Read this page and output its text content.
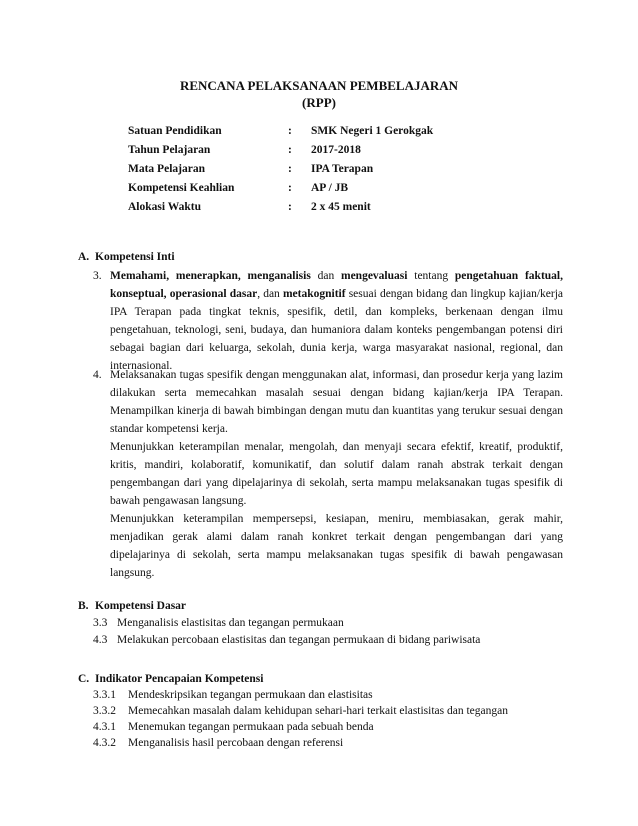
RENCANA PELAKSANAAN PEMBELAJARAN
(RPP)
Satuan Pendidikan	: SMK Negeri 1 Gerokgak
Tahun Pelajaran	: 2017-2018
Mata Pelajaran	: IPA Terapan
Kompetensi Keahlian	: AP / JB
Alokasi Waktu	: 2 x 45 menit
A. Kompetensi Inti
3. Memahami, menerapkan, menganalisis dan mengevaluasi tentang pengetahuan faktual, konseptual, operasional dasar, dan metakognitif sesuai dengan bidang dan lingkup kajian/kerja IPA Terapan pada tingkat teknis, spesifik, detil, dan kompleks, berkenaan dengan ilmu pengetahuan, teknologi, seni, budaya, dan humaniora dalam konteks pengembangan potensi diri sebagai bagian dari keluarga, sekolah, dunia kerja, warga masyarakat nasional, regional, dan internasional.
4. Melaksanakan tugas spesifik dengan menggunakan alat, informasi, dan prosedur kerja yang lazim dilakukan serta memecahkan masalah sesuai dengan bidang kajian/kerja IPA Terapan. Menampilkan kinerja di bawah bimbingan dengan mutu dan kuantitas yang terukur sesuai dengan standar kompetensi kerja.

Menunjukkan keterampilan menalar, mengolah, dan menyaji secara efektif, kreatif, produktif, kritis, mandiri, kolaboratif, komunikatif, dan solutif dalam ranah abstrak terkait dengan pengembangan dari yang dipelajarinya di sekolah, serta mampu melaksanakan tugas spesifik di bawah pengawasan langsung.

Menunjukkan keterampilan mempersepsi, kesiapan, meniru, membiasakan, gerak mahir, menjadikan gerak alami dalam ranah konkret terkait dengan pengembangan dari yang dipelajarinya di sekolah, serta mampu melaksanakan tugas spesifik di bawah pengawasan langsung.

B. Kompetensi Dasar
3.3 Menganalisis elastisitas dan tegangan permukaan
4.3 Melakukan percobaan elastisitas dan tegangan permukaan di bidang pariwisata
C. Indikator Pencapaian Kompetensi
3.3.1 Mendeskripsikan tegangan permukaan dan elastisitas
3.3.2 Memecahkan masalah dalam kehidupan sehari-hari terkait elastisitas dan tegangan
4.3.1 Menemukan tegangan permukaan pada sebuah benda
4.3.2 Menganalisis hasil percobaan dengan referensi
